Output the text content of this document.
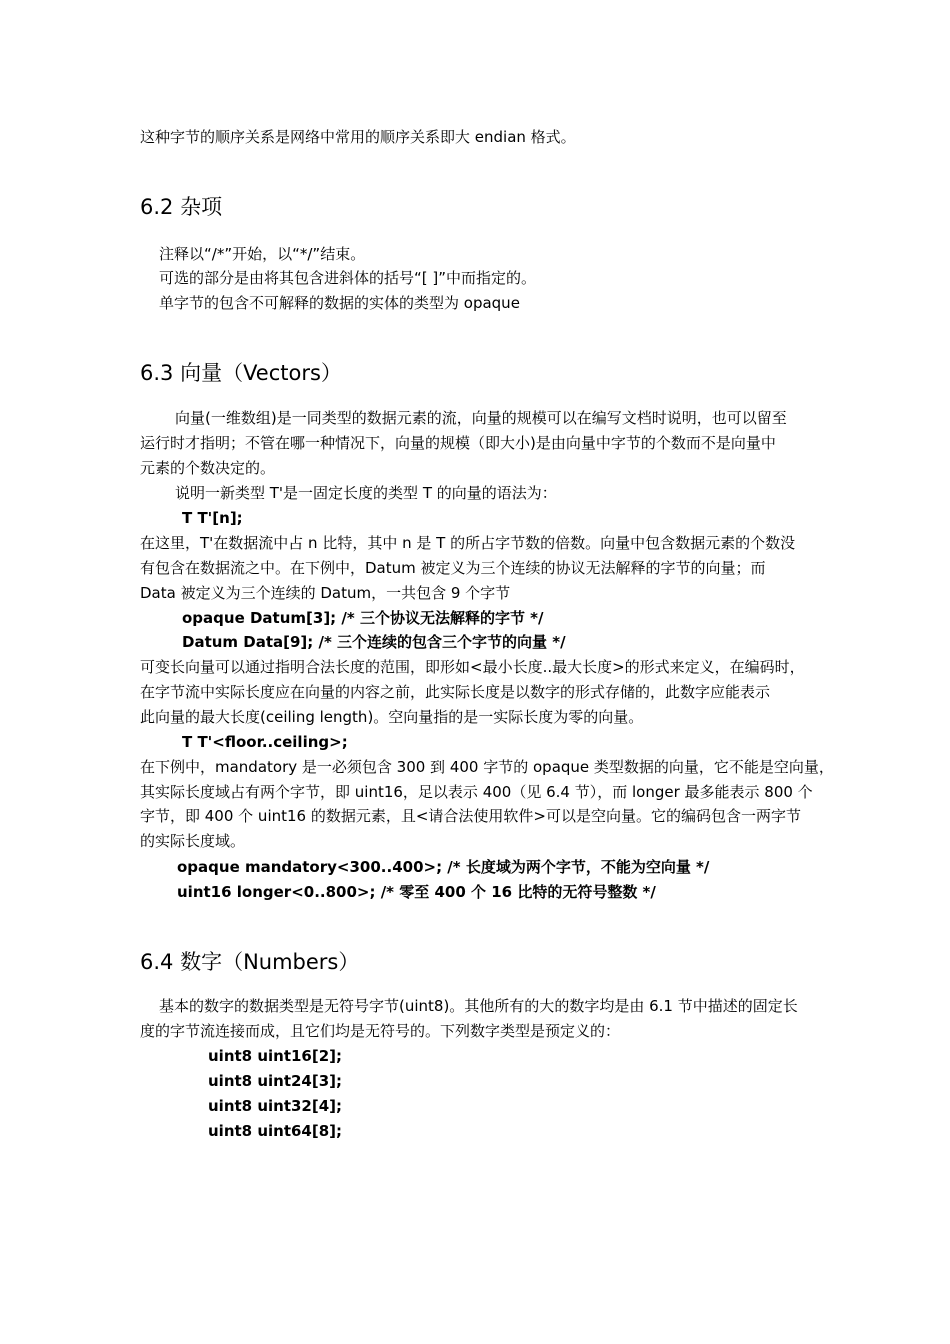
这种字节的顺序关系是网络中常用的顺序关系即大 endian 格式。
6.2 杂项
注释以“/*”开始，以“*/”结束。
可选的部分是由将其包含进斜体的括号“[ ]”中而指定的。
单字节的包含不可解释的数据的实体的类型为 opaque
6.3 向量（Vectors）
向量(一维数组)是一同类型的数据元素的流，向量的规模可以在编写文档时说明，也可以留至
运行时才指明；不管在哪一种情况下，向量的规模（即大小)是由向量中字节的个数而不是向量中
元素的个数决定的。
说明一新类型 T'是一固定长度的类型 T 的向量的语法为：
T T'[n];
在这里，T'在数据流中占 n 比特，其中 n 是 T 的所占字节数的倍数。向量中包含数据元素的个数没
有包含在数据流之中。在下例中，Datum 被定义为三个连续的协议无法解释的字节的向量；而
Data 被定义为三个连续的 Datum，一共包含 9 个字节
opaque Datum[3]; /* 三个协议无法解释的字节 */
Datum Data[9]; /* 三个连续的包含三个字节的向量 */
可变长向量可以通过指明合法长度的范围，即形如<最小长度..最大长度>的形式来定义，在编码时，
在字节流中实际长度应在向量的内容之前，此实际长度是以数字的形式存储的，此数字应能表示
此向量的最大长度(ceiling length)。空向量指的是一实际长度为零的向量。
T T'<floor..ceiling>;
在下例中，mandatory 是一必须包含 300 到 400 字节的 opaque 类型数据的向量，它不能是空向量，
其实际长度域占有两个字节，即 uint16，足以表示 400（见 6.4 节），而 longer 最多能表示 800 个
字节，即 400 个 uint16 的数据元素，且<请合法使用软件>可以是空向量。它的编码包含一两字节
的实际长度域。
opaque mandatory<300..400>; /* 长度域为两个字节，不能为空向量 */
uint16 longer<0..800>; /* 零至 400 个 16 比特的无符号整数 */
6.4 数字（Numbers）
基本的数字的数据类型是无符号字节(uint8)。其他所有的大的数字均是由 6.1 节中描述的固定长
度的字节流连接而成，且它们均是无符号的。下列数字类型是预定义的：
uint8 uint16[2];
uint8 uint24[3];
uint8 uint32[4];
uint8 uint64[8];
